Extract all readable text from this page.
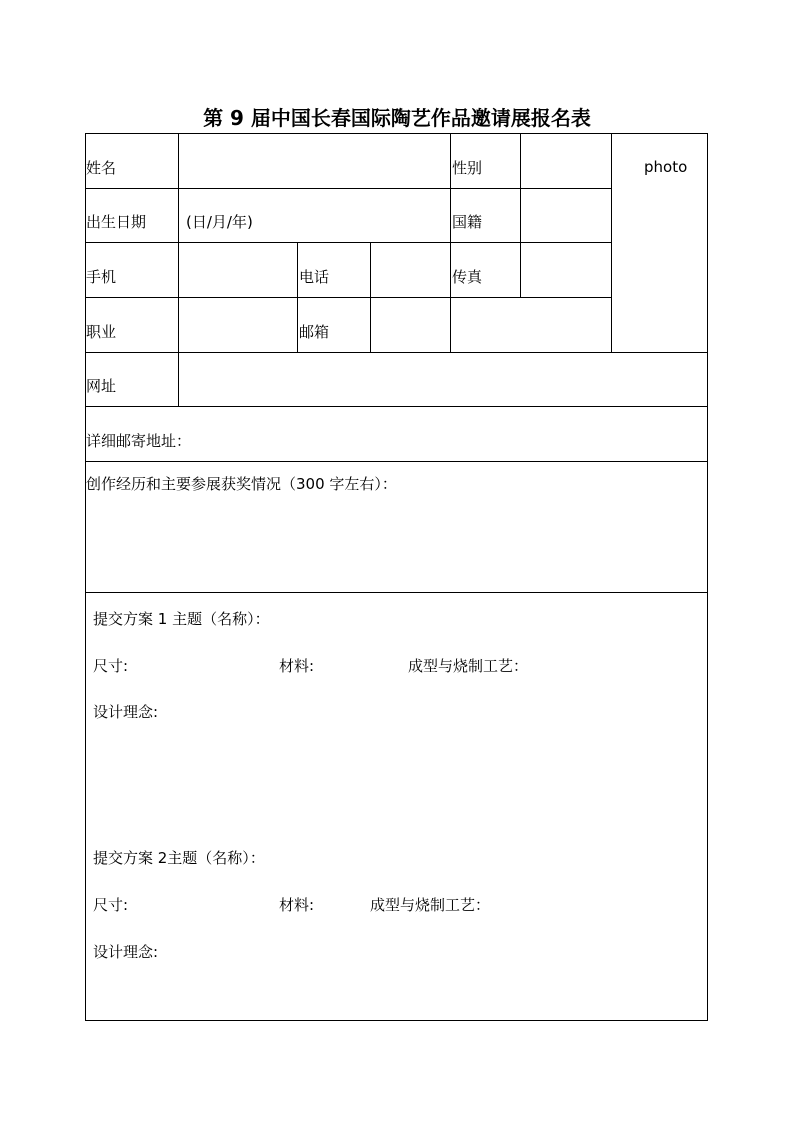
第 9 届中国长春国际陶艺作品邀请展报名表
姓名	性别	photo
出生日期	(日/月/年)	国籍
手机	电话	传真
职业	邮箱
网址
详细邮寄地址：
创作经历和主要参展获奖情况（300 字左右）：
提交方案 1 主题（名称）：
尺寸:	材料:	成型与烧制工艺：
设计理念:
提交方案 2主题（名称）：
尺寸:	材料:	成型与烧制工艺：
设计理念:
